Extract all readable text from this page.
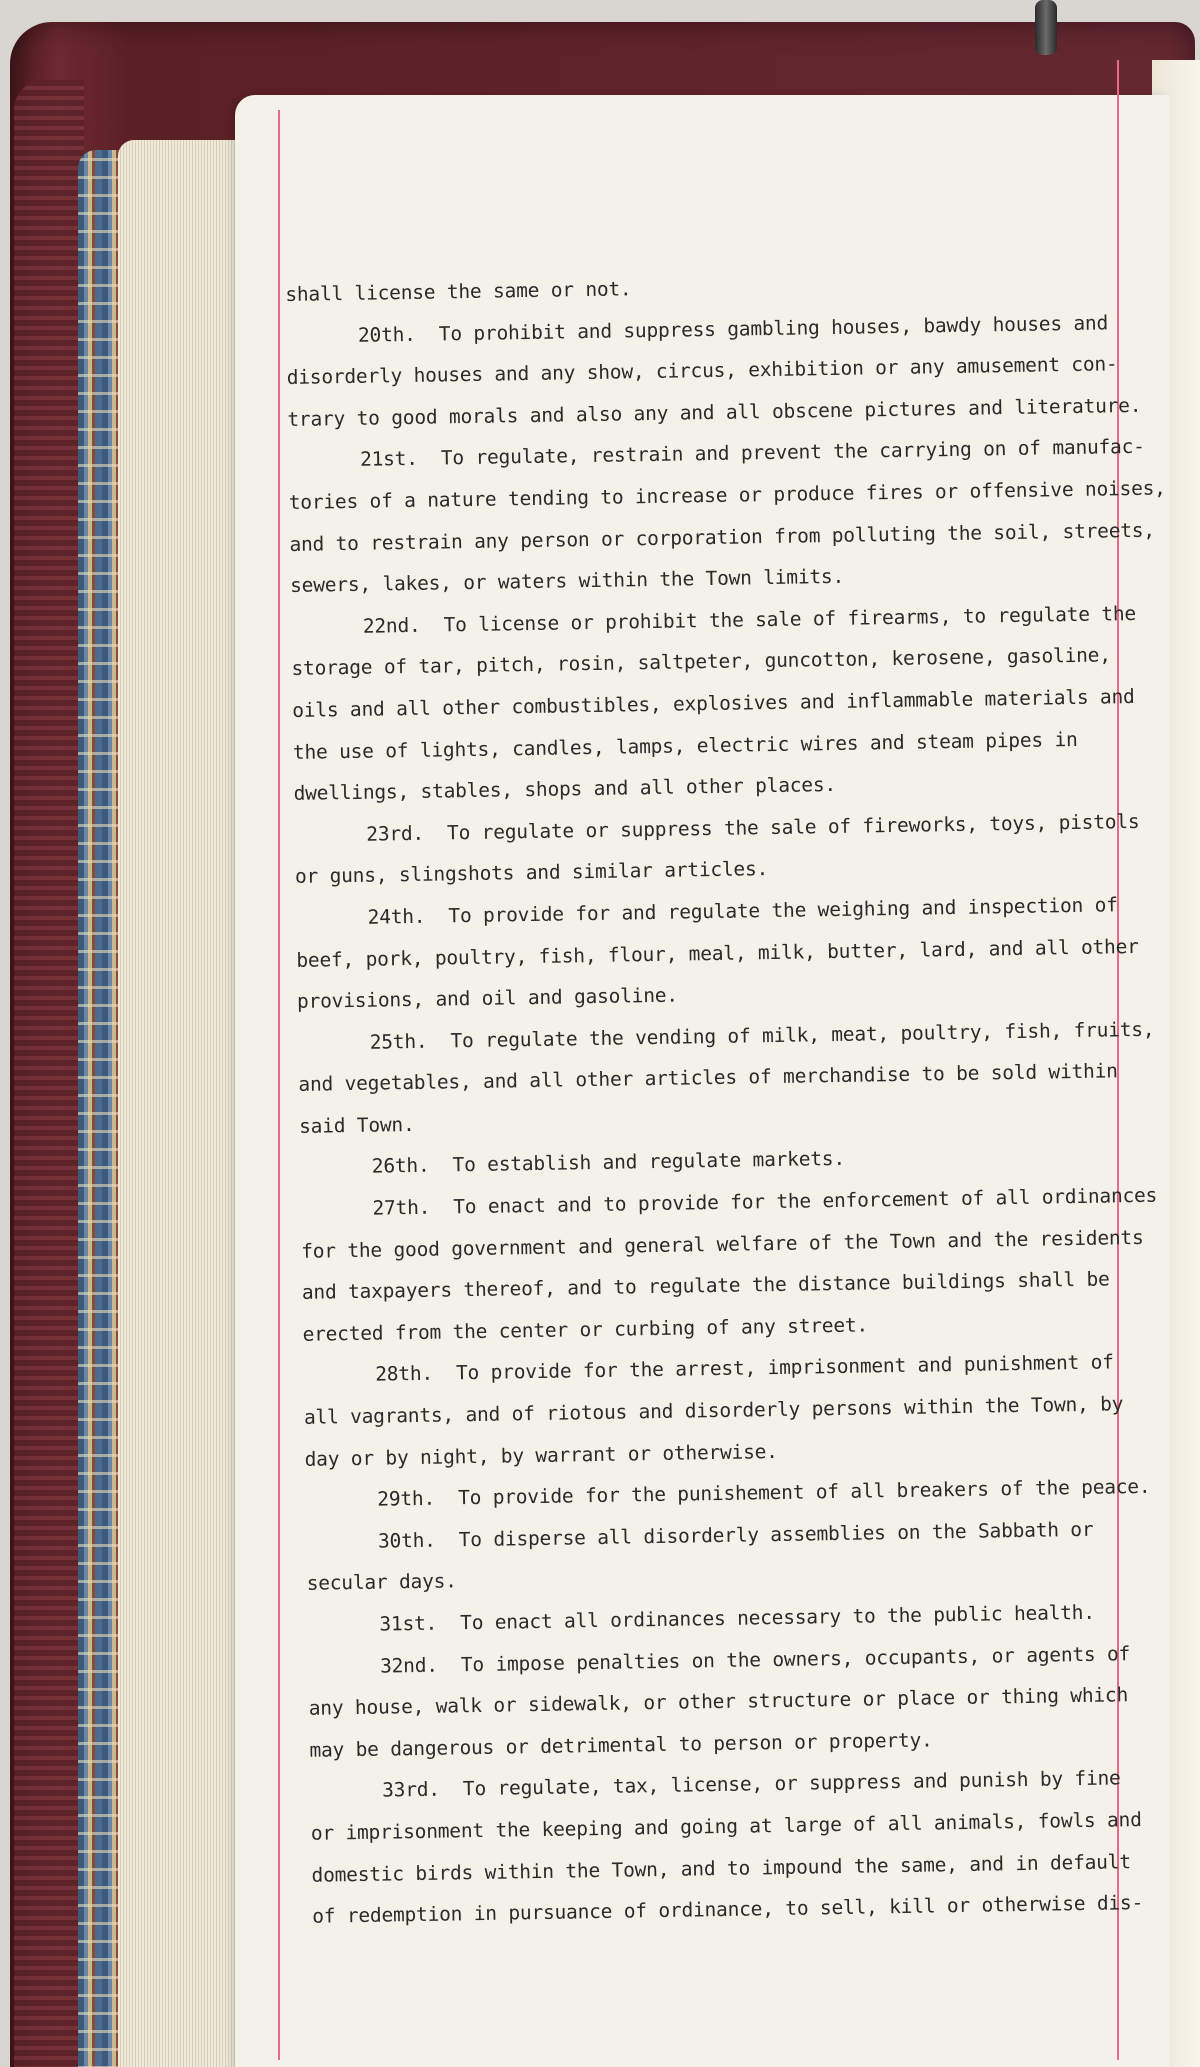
shall license the same or not.
20th.  To prohibit and suppress gambling houses, bawdy houses and
disorderly houses and any show, circus, exhibition or any amusement con-
trary to good morals and also any and all obscene pictures and literature.
21st.  To regulate, restrain and prevent the carrying on of manufac-
tories of a nature tending to increase or produce fires or offensive noises,
and to restrain any person or corporation from polluting the soil, streets,
sewers, lakes, or waters within the Town limits.
22nd.  To license or prohibit the sale of firearms, to regulate the
storage of tar, pitch, rosin, saltpeter, guncotton, kerosene, gasoline,
oils and all other combustibles, explosives and inflammable materials and
the use of lights, candles, lamps, electric wires and steam pipes in
dwellings, stables, shops and all other places.
23rd.  To regulate or suppress the sale of fireworks, toys, pistols
or guns, slingshots and similar articles.
24th.  To provide for and regulate the weighing and inspection of
beef, pork, poultry, fish, flour, meal, milk, butter, lard, and all other
provisions, and oil and gasoline.
25th.  To regulate the vending of milk, meat, poultry, fish, fruits,
and vegetables, and all other articles of merchandise to be sold within
said Town.
26th.  To establish and regulate markets.
27th.  To enact and to provide for the enforcement of all ordinances
for the good government and general welfare of the Town and the residents
and taxpayers thereof, and to regulate the distance buildings shall be
erected from the center or curbing of any street.
28th.  To provide for the arrest, imprisonment and punishment of
all vagrants, and of riotous and disorderly persons within the Town, by
day or by night, by warrant or otherwise.
29th.  To provide for the punishement of all breakers of the peace.
30th.  To disperse all disorderly assemblies on the Sabbath or
secular days.
31st.  To enact all ordinances necessary to the public health.
32nd.  To impose penalties on the owners, occupants, or agents of
any house, walk or sidewalk, or other structure or place or thing which
may be dangerous or detrimental to person or property.
33rd.  To regulate, tax, license, or suppress and punish by fine
or imprisonment the keeping and going at large of all animals, fowls and
domestic birds within the Town, and to impound the same, and in default
of redemption in pursuance of ordinance, to sell, kill or otherwise dis-
